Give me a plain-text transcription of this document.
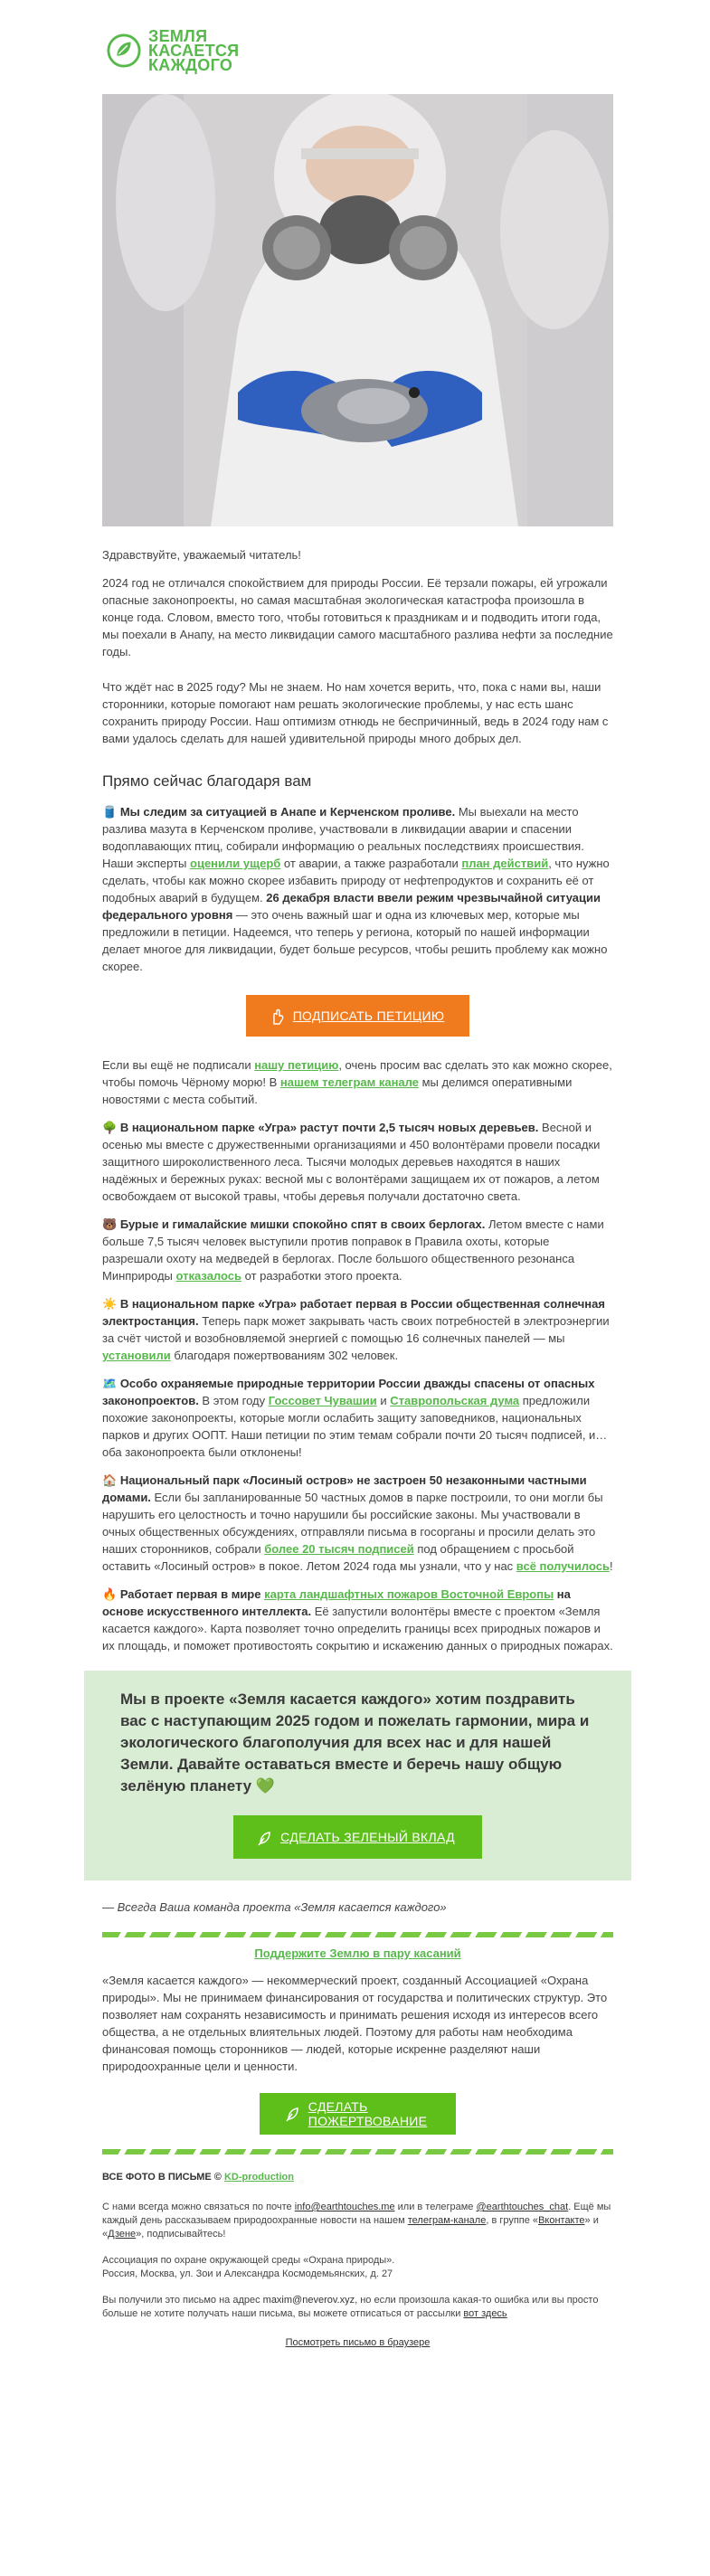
ЗЕМЛЯ
КАСАЕТСЯ
КАЖДОГО

Здравствуйте, уважаемый читатель!

2024 год не отличался спокойствием для природы России. Её терзали пожары, ей угрожали опасные законопроекты, но самая масштабная экологическая катастрофа произошла в конце года. Словом, вместо того, чтобы готовиться к праздникам и и подводить итоги года, мы поехали в Анапу, на место ликвидации самого масштабного разлива нефти за последние годы.

Что ждёт нас в 2025 году? Мы не знаем. Но нам хочется верить, что, пока с нами вы, наши сторонники, которые помогают нам решать экологические проблемы, у нас есть шанс сохранить природу России. Наш оптимизм отнюдь не беспричинный, ведь в 2024 году нам с вами удалось сделать для нашей удивительной природы много добрых дел.

Прямо сейчас благодаря вам

🛢️ Мы следим за ситуацией в Анапе и Керченском проливе. Мы выехали на место разлива мазута в Керченском проливе, участвовали в ликвидации аварии и спасении водоплавающих птиц, собирали информацию о реальных последствиях происшествия. Наши эксперты оценили ущерб от аварии, а также разработали план действий, что нужно сделать, чтобы как можно скорее избавить природу от нефтепродуктов и сохранить её от подобных аварий в будущем. 26 декабря власти ввели режим чрезвычайной ситуации федерального уровня — это очень важный шаг и одна из ключевых мер, которые мы предложили в петиции. Надеемся, что теперь у региона, который по нашей информации делает многое для ликвидации, будет больше ресурсов, чтобы решить проблему как можно скорее.

ПОДПИСАТЬ ПЕТИЦИЮ

Если вы ещё не подписали нашу петицию, очень просим вас сделать это как можно скорее, чтобы помочь Чёрному морю! В нашем телеграм канале мы делимся оперативными новостями с места событий.

🌳 В национальном парке «Угра» растут почти 2,5 тысяч новых деревьев. Весной и осенью мы вместе с дружественными организациями и 450 волонтёрами провели посадки защитного широколиственного леса. Тысячи молодых деревьев находятся в наших надёжных и бережных руках: весной мы с волонтёрами защищаем их от пожаров, а летом освобождаем от высокой травы, чтобы деревья получали достаточно света.

🐻 Бурые и гималайские мишки спокойно спят в своих берлогах. Летом вместе с нами больше 7,5 тысяч человек выступили против поправок в Правила охоты, которые разрешали охоту на медведей в берлогах. После большого общественного резонанса Минприроды отказалось от разработки этого проекта.

☀️ В национальном парке «Угра» работает первая в России общественная солнечная электростанция. Теперь парк может закрывать часть своих потребностей в электроэнергии за счёт чистой и возобновляемой энергией с помощью 16 солнечных панелей — мы установили благодаря пожертвованиям 302 человек.

🗺️ Особо охраняемые природные территории России дважды спасены от опасных законопроектов. В этом году Госсовет Чувашии и Ставропольская дума предложили похожие законопроекты, которые могли ослабить защиту заповедников, национальных парков и других ООПТ. Наши петиции по этим темам собрали почти 20 тысяч подписей, и… оба законопроекта были отклонены!

🏠 Национальный парк «Лосиный остров» не застроен 50 незаконными частными домами. Если бы запланированные 50 частных домов в парке построили, то они могли бы нарушить его целостность и точно нарушили бы российские законы. Мы участвовали в очных общественных обсуждениях, отправляли письма в госорганы и просили делать это наших сторонников, собрали более 20 тысяч подписей под обращением с просьбой оставить «Лосиный остров» в покое. Летом 2024 года мы узнали, что у нас всё получилось!

🔥 Работает первая в мире карта ландшафтных пожаров Восточной Европы на основе искусственного интеллекта. Её запустили волонтёры вместе с проектом «Земля касается каждого». Карта позволяет точно определить границы всех природных пожаров и их площадь, и поможет противостоять сокрытию и искажению данных о природных пожарах.

Мы в проекте «Земля касается каждого» хотим поздравить вас с наступающим 2025 годом и пожелать гармонии, мира и экологического благополучия для всех нас и для нашей Земли. Давайте оставаться вместе и беречь нашу общую зелёную планету 💚

СДЕЛАТЬ ЗЕЛЕНЫЙ ВКЛАД

— Всегда Ваша команда проекта «Земля касается каждого»

Поддержите Землю в пару касаний

«Земля касается каждого» — некоммерческий проект, созданный Ассоциацией «Охрана природы». Мы не принимаем финансирования от государства и политических структур. Это позволяет нам сохранять независимость и принимать решения исходя из интересов всего общества, а не отдельных влиятельных людей. Поэтому для работы нам необходима финансовая помощь сторонников — людей, которые искренне разделяют наши природоохранные цели и ценности.

СДЕЛАТЬ
ПОЖЕРТВОВАНИЕ

ВСЕ ФОТО В ПИСЬМЕ © KD-production

С нами всегда можно связаться по почте info@earthtouches.me или в телеграме @earthtouches_chat. Ещё мы каждый день рассказываем природоохранные новости на нашем телеграм-канале, в группе «Вконтакте» и «Дзене», подписывайтесь!

Ассоциация по охране окружающей среды «Охрана природы».
Россия, Москва, ул. Зои и Александра Космодемьянских, д. 27

Вы получили это письмо на адрес maxim@neverov.xyz, но если произошла какая-то ошибка или вы просто больше не хотите получать наши письма, вы можете отписаться от рассылки вот здесь

Посмотреть письмо в браузере
